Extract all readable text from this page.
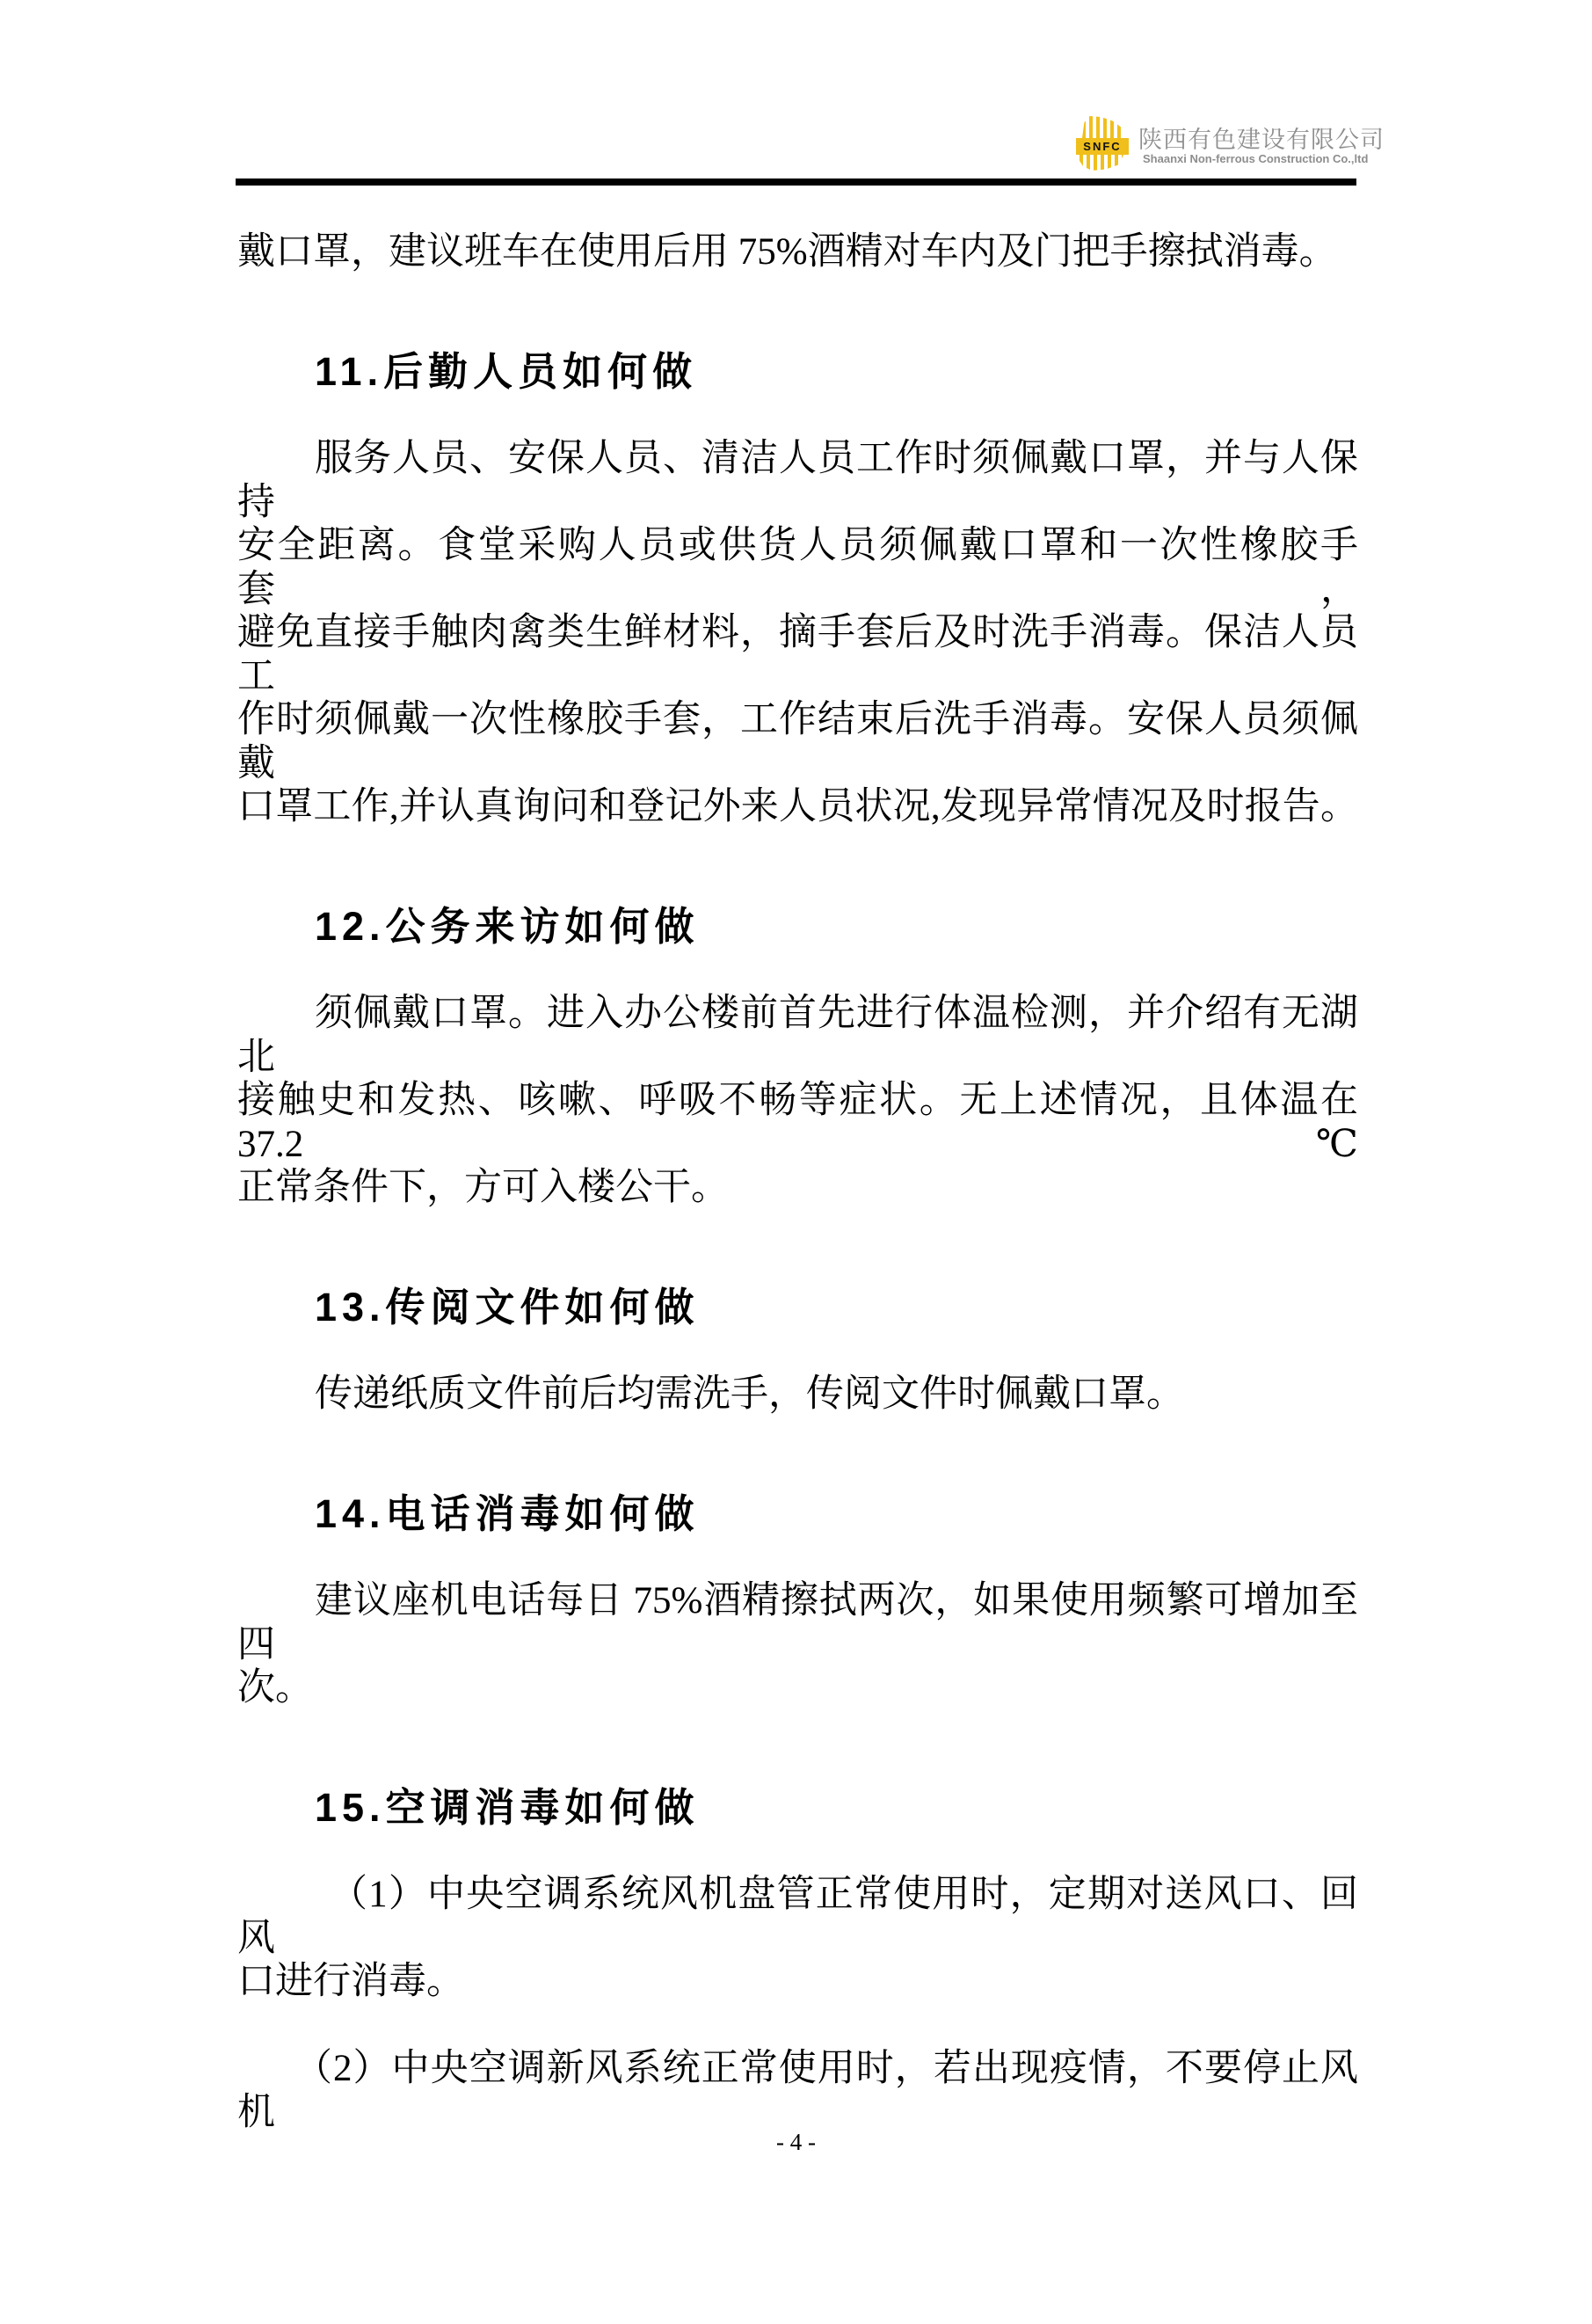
SNFC 陕西有色建设有限公司
Shaanxi Non-ferrous Construction Co.,ltd
戴口罩，建议班车在使用后用 75%酒精对车内及门把手擦拭消毒。
11.后勤人员如何做
服务人员、安保人员、清洁人员工作时须佩戴口罩，并与人保持
安全距离。食堂采购人员或供货人员须佩戴口罩和一次性橡胶手套，
避免直接手触肉禽类生鲜材料，摘手套后及时洗手消毒。保洁人员工
作时须佩戴一次性橡胶手套，工作结束后洗手消毒。安保人员须佩戴
口罩工作,并认真询问和登记外来人员状况,发现异常情况及时报告。
12.公务来访如何做
须佩戴口罩。进入办公楼前首先进行体温检测，并介绍有无湖北
接触史和发热、咳嗽、呼吸不畅等症状。无上述情况，且体温在 37.2℃
正常条件下，方可入楼公干。
13.传阅文件如何做
传递纸质文件前后均需洗手，传阅文件时佩戴口罩。
14.电话消毒如何做
建议座机电话每日 75%酒精擦拭两次，如果使用频繁可增加至四
次。
15.空调消毒如何做
（1）中央空调系统风机盘管正常使用时，定期对送风口、回风
口进行消毒。
（2）中央空调新风系统正常使用时，若出现疫情，不要停止风机
- 4 -
